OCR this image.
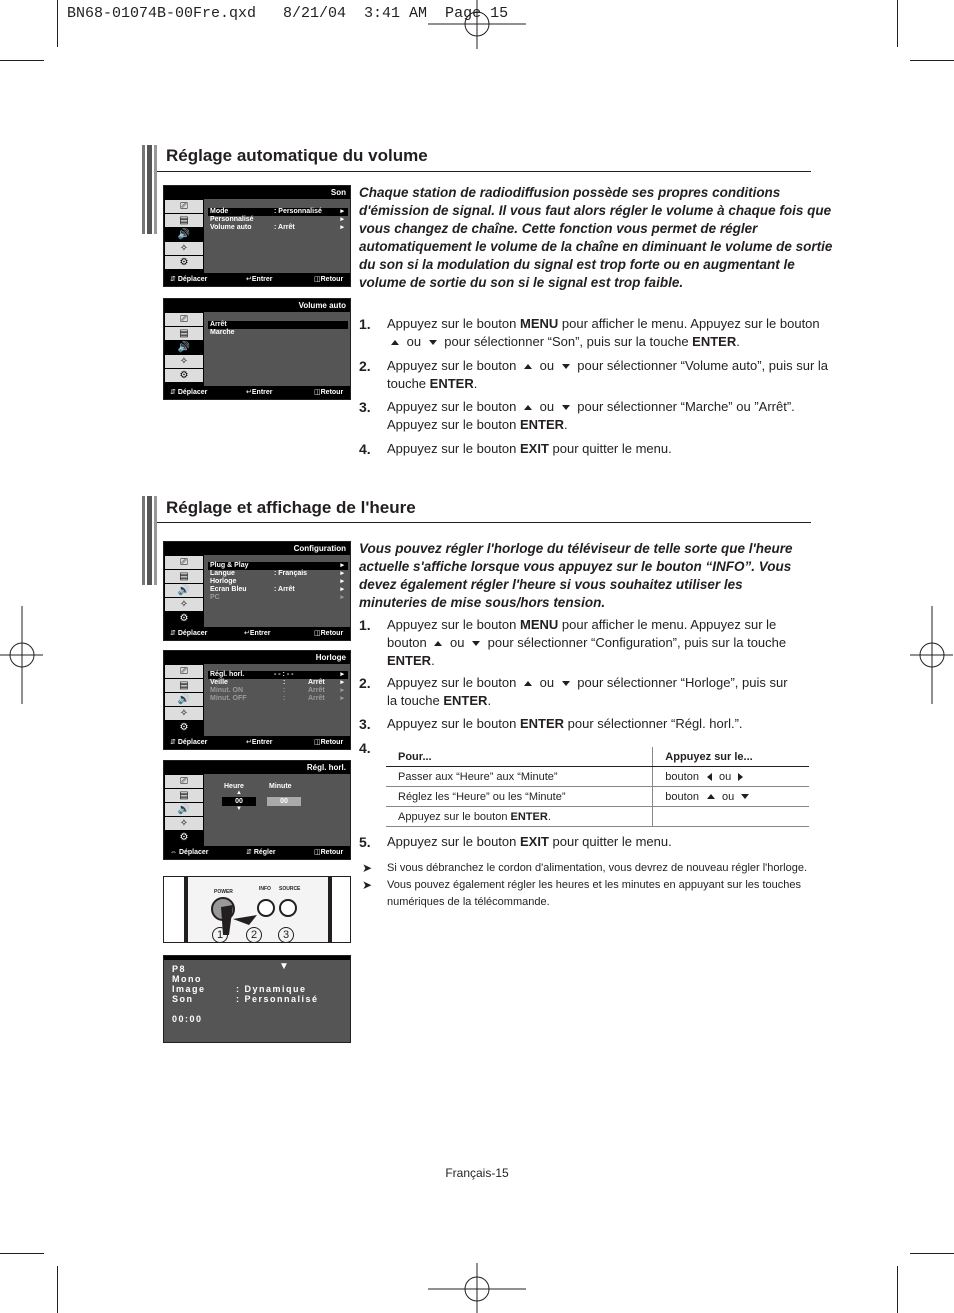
BN68-01074B-00Fre.qxd   8/21/04  3:41 AM  Page 15
Réglage automatique du volume
Chaque station de radiodiffusion possède ses propres conditions d'émission de signal. Il vous faut alors régler le volume à chaque fois que vous changez de chaîne. Cette fonction vous permet de régler automatiquement le volume de la chaîne en diminuant le volume de sortie du son si la modulation du signal est trop forte ou en augmentant le volume de sortie du son si le signal est trop faible.
1. Appuyez sur le bouton MENU pour afficher le menu. Appuyez sur le bouton  ou  pour sélectionner “Son”, puis sur la touche ENTER.
2. Appuyez sur le bouton  ou  pour sélectionner “Volume auto”, puis sur la touche ENTER.
3. Appuyez sur le bouton  ou  pour sélectionner “Marche” ou ”Arrêt”. Appuyez sur le bouton ENTER.
4. Appuyez sur le bouton EXIT pour quitter le menu.
Son
⎚
▤
🔊
✧
⚙
Mode	: Personnalisé	▸
Personnalisé	▸
Volume auto	: Arrêt	▸
⇵ Déplacer	↵Entrer	◫Retour
Volume auto
⎚
▤
🔊
✧
⚙
Arrêt
Marche
⇵ Déplacer	↵Entrer	◫Retour
Réglage et affichage de l'heure
Vous pouvez régler l'horloge du téléviseur de telle sorte que l'heure actuelle s'affiche lorsque vous appuyez sur le bouton “INFO”. Vous devez également régler l'heure si vous souhaitez utiliser les minuteries de mise sous/hors tension.
1. Appuyez sur le bouton MENU pour afficher le menu. Appuyez sur le bouton  ou  pour sélectionner “Configuration”, puis sur la touche ENTER.
2. Appuyez sur le bouton  ou  pour sélectionner “Horloge”, puis sur la touche ENTER.
3. Appuyez sur le bouton ENTER pour sélectionner “Régl. horl.”.
4.
5. Appuyez sur le bouton EXIT pour quitter le menu.
Pour...	Appuyez sur le...
Passer aux “Heure” aux “Minute”	bouton ou
Réglez les “Heure” ou les “Minute”	bouton ou
Appuyez sur le bouton ENTER.	
➤ Si vous débranchez le cordon d'alimentation, vous devrez de nouveau régler l'horloge.
➤ Vous pouvez également régler les heures et les minutes en appuyant sur les touches numériques de la télécommande.
Configuration
⎚
▤
🔊
✧
⚙
Plug & Play	▸
Langue	: Français	▸
Horloge	▸
Ecran Bleu	: Arrêt	▸
PC	▸
⇵ Déplacer	↵Entrer	◫Retour
Horloge
⎚
▤
🔊
✧
⚙
Régl. horl.	- - : - -	▸
Veille	:	Arrêt ▸
Minut. ON	:	Arrêt ▸
Minut. OFF	:	Arrêt ▸
⇵ Déplacer	↵Entrer	◫Retour
Régl. horl.
⎚
▤
🔊
✧
⚙
Heure	Minute
▲
00	00
▼
⇔ Déplacer	⇵ Régler	◫Retour
POWER	INFO SOURCE
1	2	3
P8	▼
Mono
Image	: Dynamique
Son	: Personnalisé
00:00
Français-15
